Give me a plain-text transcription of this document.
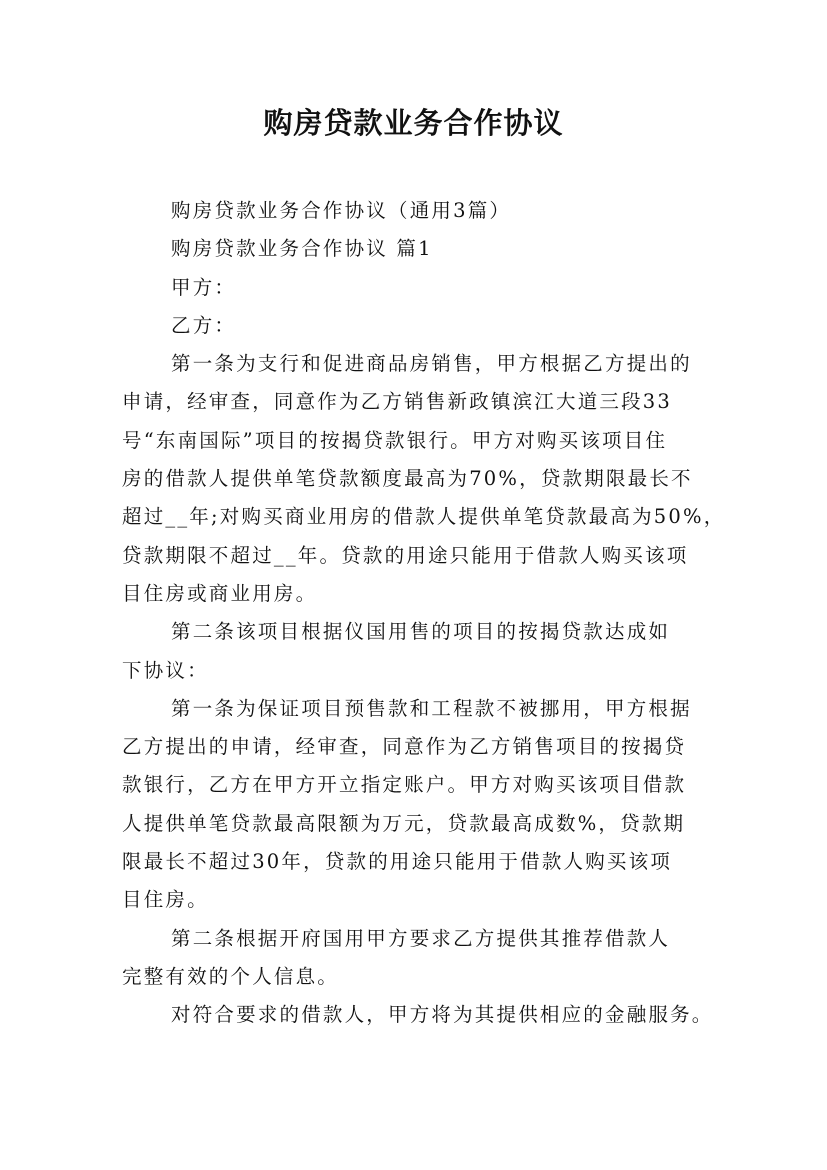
购房贷款业务合作协议
购房贷款业务合作协议（通用3篇）
购房贷款业务合作协议 篇1
甲方：
乙方：
第一条为支行和促进商品房销售，甲方根据乙方提出的
申请，经审查，同意作为乙方销售新政镇滨江大道三段33
号“东南国际”项目的按揭贷款银行。甲方对购买该项目住
房的借款人提供单笔贷款额度最高为70%，贷款期限最长不
超过__年;对购买商业用房的借款人提供单笔贷款最高为50%，
贷款期限不超过__年。贷款的用途只能用于借款人购买该项
目住房或商业用房。
第二条该项目根据仪国用售的项目的按揭贷款达成如
下协议：
第一条为保证项目预售款和工程款不被挪用，甲方根据
乙方提出的申请，经审查，同意作为乙方销售项目的按揭贷
款银行，乙方在甲方开立指定账户。甲方对购买该项目借款
人提供单笔贷款最高限额为万元，贷款最高成数%，贷款期
限最长不超过30年，贷款的用途只能用于借款人购买该项
目住房。
第二条根据开府国用甲方要求乙方提供其推荐借款人
完整有效的个人信息。
对符合要求的借款人，甲方将为其提供相应的金融服务。
